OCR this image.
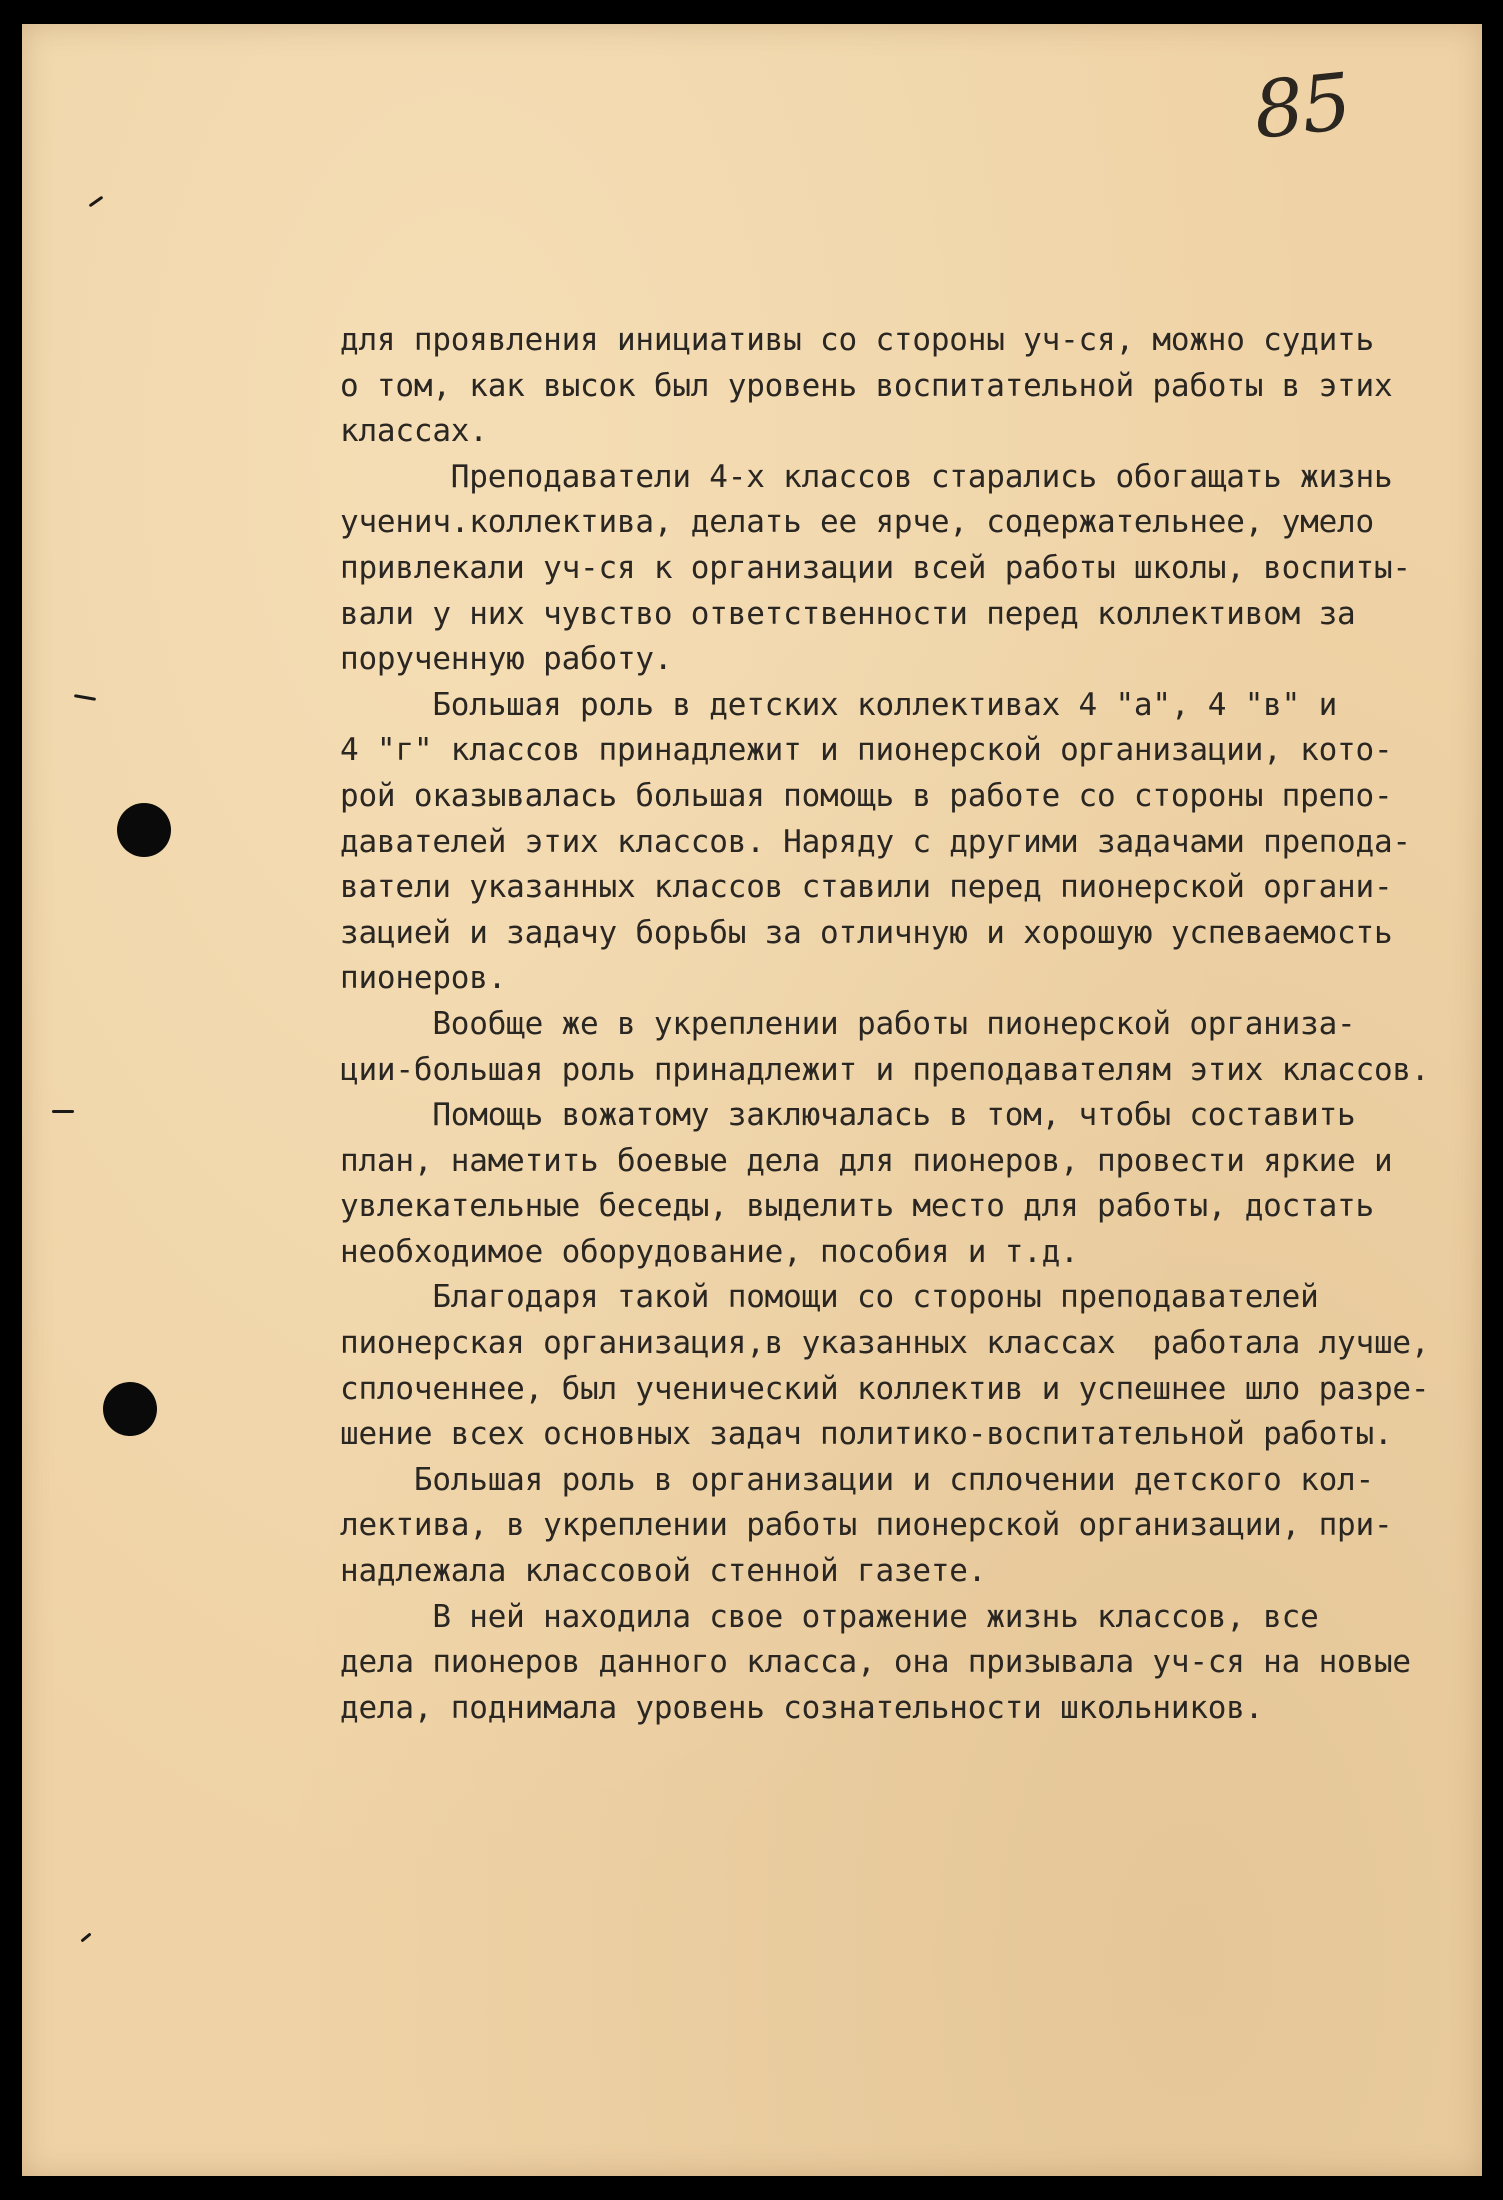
85
для проявления инициативы со стороны уч-ся, можно судить
о том, как высок был уровень воспитательной работы в этих
классах.
Преподаватели 4-х классов старались обогащать жизнь
ученич.коллектива, делать ее ярче, содержательнее, умело
привлекали уч-ся к организации всей работы школы, воспиты-
вали у них чувство ответственности перед коллективом за
порученную работу.
Большая роль в детских коллективах 4 "а", 4 "в" и
4 "г" классов принадлежит и пионерской организации, кото-
рой оказывалась большая помощь в работе со стороны препо-
давателей этих классов. Наряду с другими задачами препода-
ватели указанных классов ставили перед пионерской органи-
зацией и задачу борьбы за отличную и хорошую успеваемость
пионеров.
Вообще же в укреплении работы пионерской организа-
ции-большая роль принадлежит и преподавателям этих классов.
Помощь вожатому заключалась в том, чтобы составить
план, наметить боевые дела для пионеров, провести яркие и
увлекательные беседы, выделить место для работы, достать
необходимое оборудование, пособия и т.д.
Благодаря такой помощи со стороны преподавателей
пионерская организация,в указанных классах  работала лучше,
сплоченнее, был ученический коллектив и успешнее шло разре-
шение всех основных задач политико-воспитательной работы.
Большая роль в организации и сплочении детского кол-
лектива, в укреплении работы пионерской организации, при-
надлежала классовой стенной газете.
В ней находила свое отражение жизнь классов, все
дела пионеров данного класса, она призывала уч-ся на новые
дела, поднимала уровень сознательности школьников.
